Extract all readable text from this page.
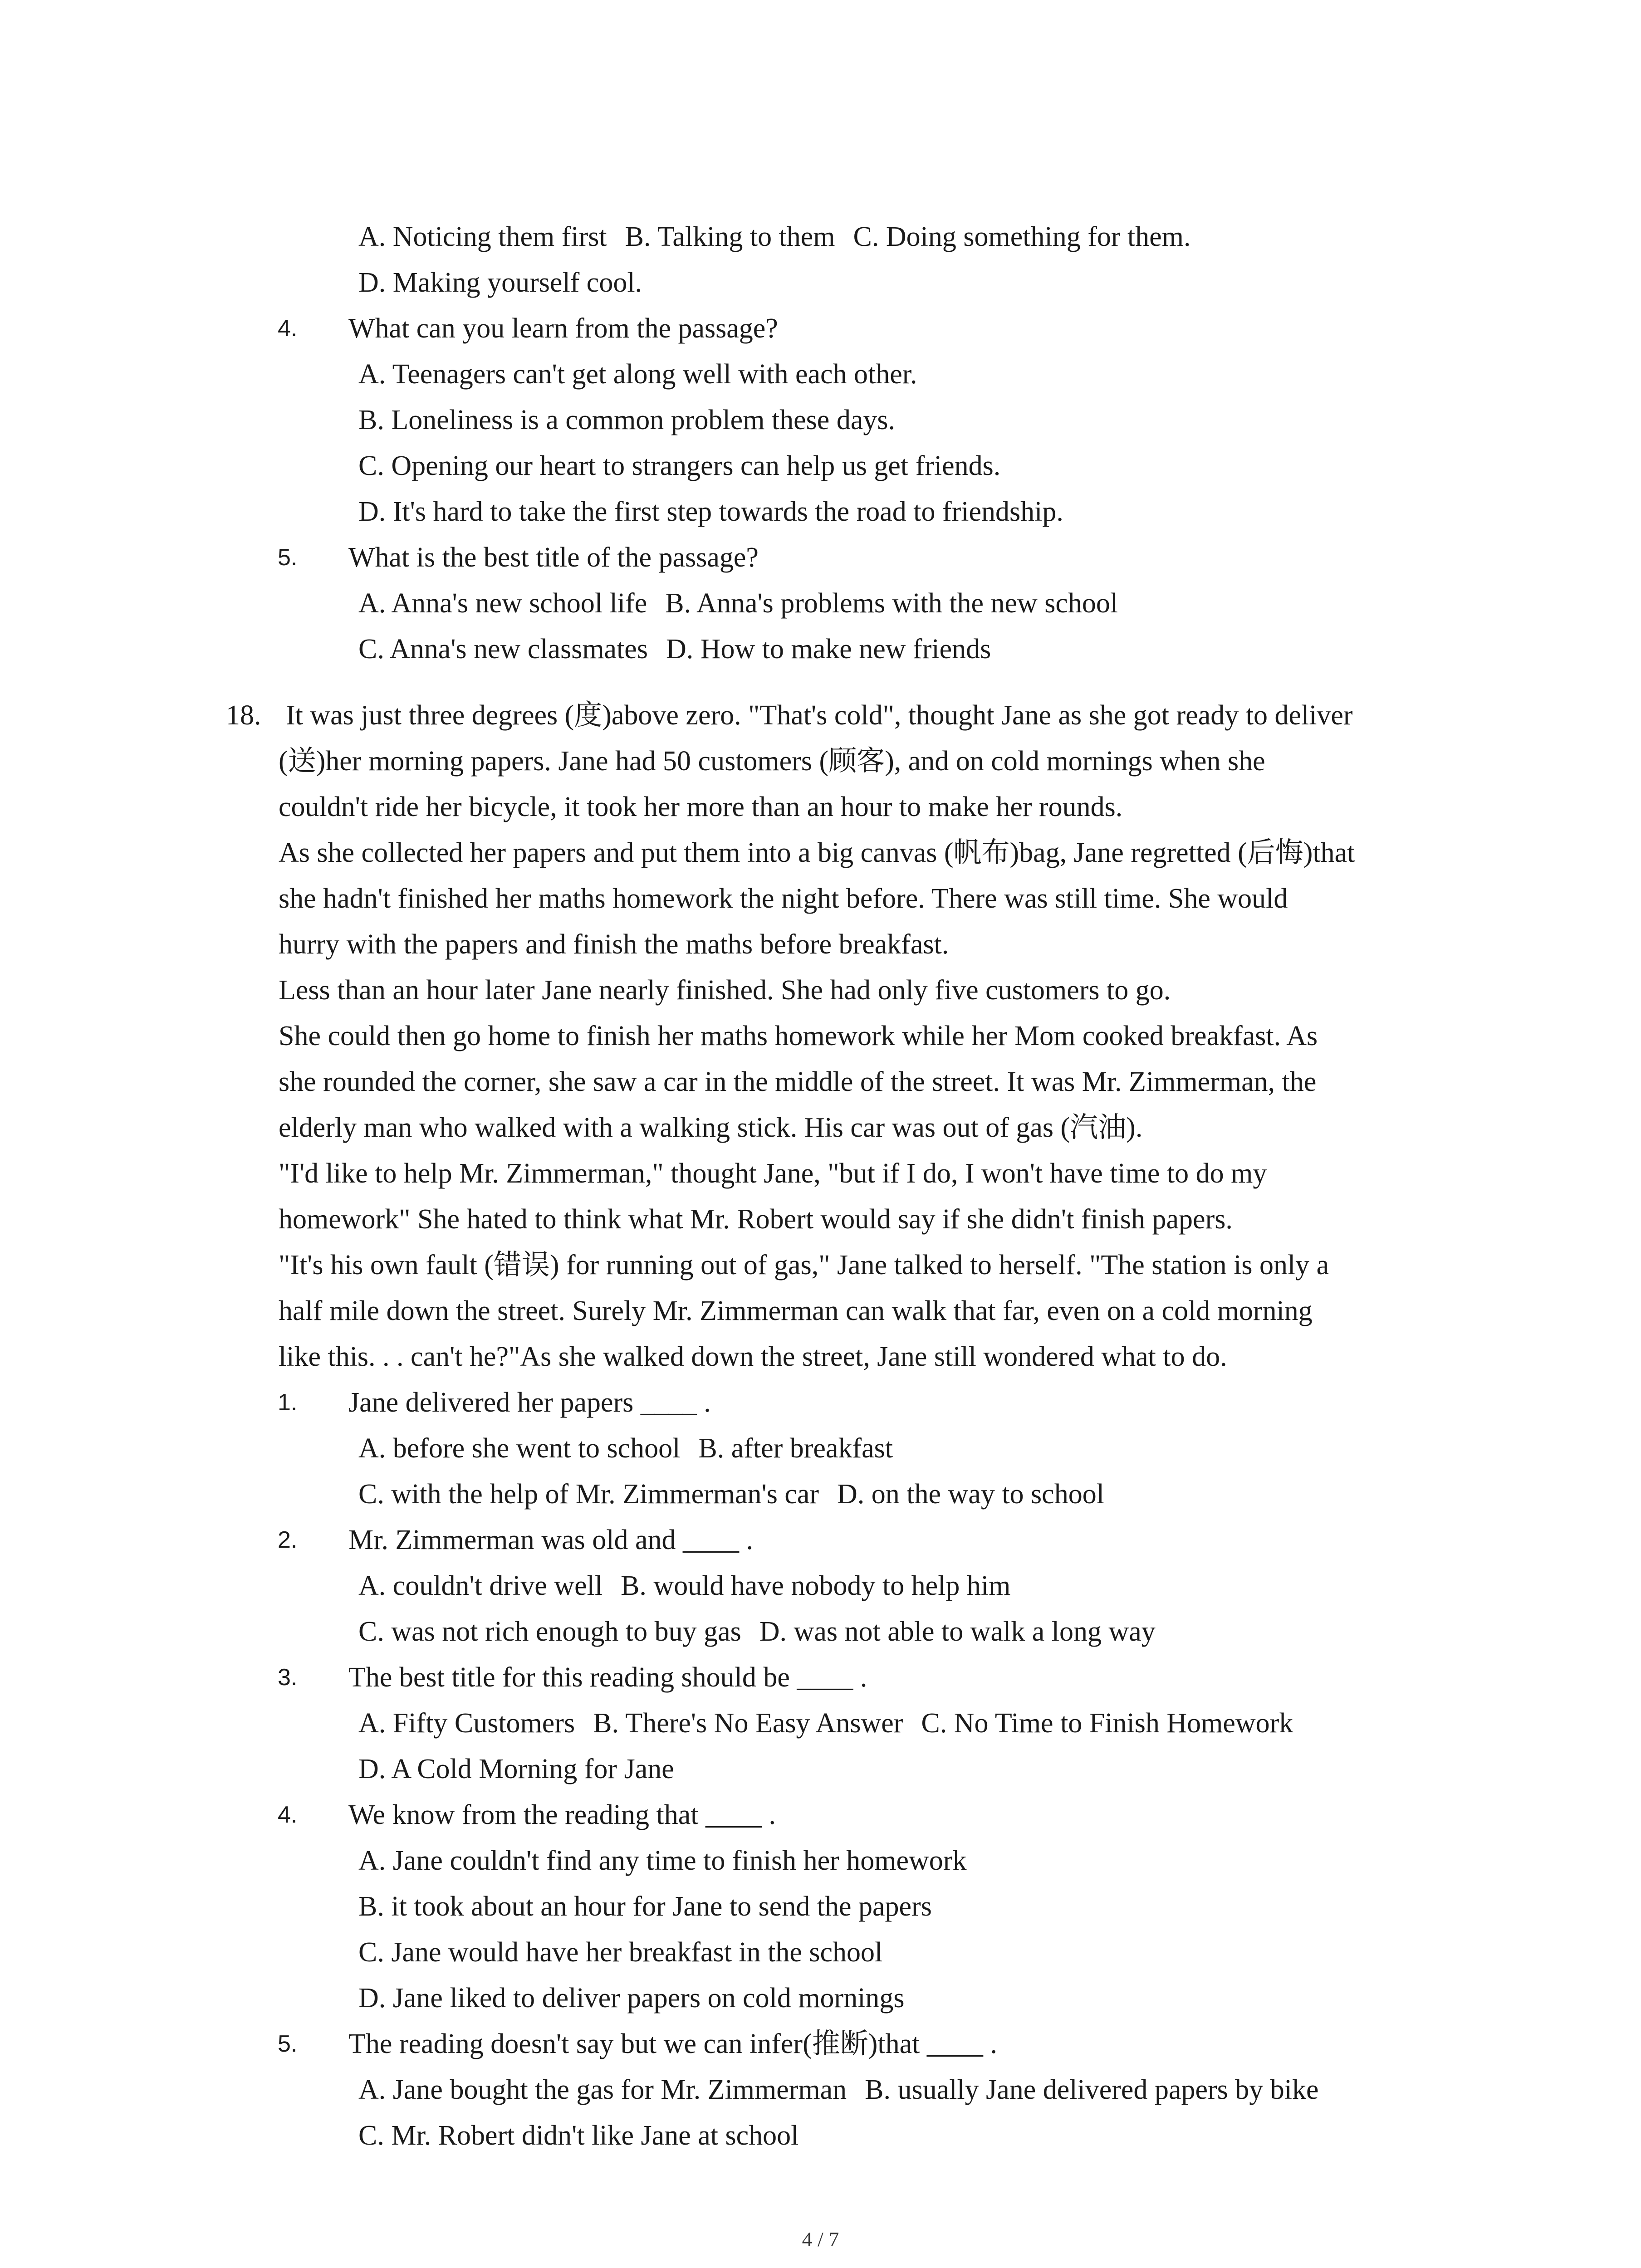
A. Noticing them first B. Talking to them C. Doing something for them.
D. Making yourself cool.
4. What can you learn from the passage?
A. Teenagers can't get along well with each other.
B. Loneliness is a common problem these days.
C. Opening our heart to strangers can help us get friends.
D. It's hard to take the first step towards the road to friendship.
5. What is the best title of the passage?
A. Anna's new school life B. Anna's problems with the new school
C. Anna's new classmates D. How to make new friends
18. It was just three degrees (度)above zero. "That's cold", thought Jane as she got ready to deliver
(送)her morning papers. Jane had 50 customers (顾客), and on cold mornings when she
couldn't ride her bicycle, it took her more than an hour to make her rounds.
As she collected her papers and put them into a big canvas (帆布)bag, Jane regretted (后悔)that
she hadn't finished her maths homework the night before. There was still time. She would
hurry with the papers and finish the maths before breakfast.
Less than an hour later Jane nearly finished. She had only five customers to go.
She could then go home to finish her maths homework while her Mom cooked breakfast. As
she rounded the corner, she saw a car in the middle of the street. It was Mr. Zimmerman, the
elderly man who walked with a walking stick. His car was out of gas (汽油).
"I'd like to help Mr. Zimmerman," thought Jane, "but if I do, I won't have time to do my
homework" She hated to think what Mr. Robert would say if she didn't finish papers.
"It's his own fault (错误) for running out of gas," Jane talked to herself. "The station is only a
half mile down the street. Surely Mr. Zimmerman can walk that far, even on a cold morning
like this. . . can't he?"As she walked down the street, Jane still wondered what to do.
1. Jane delivered her papers ____ .
A. before she went to school B. after breakfast
C. with the help of Mr. Zimmerman's car D. on the way to school
2. Mr. Zimmerman was old and ____ .
A. couldn't drive well B. would have nobody to help him
C. was not rich enough to buy gas D. was not able to walk a long way
3. The best title for this reading should be ____ .
A. Fifty Customers B. There's No Easy Answer C. No Time to Finish Homework
D. A Cold Morning for Jane
4. We know from the reading that ____ .
A. Jane couldn't find any time to finish her homework
B. it took about an hour for Jane to send the papers
C. Jane would have her breakfast in the school
D. Jane liked to deliver papers on cold mornings
5. The reading doesn't say but we can infer(推断)that ____ .
A. Jane bought the gas for Mr. Zimmerman B. usually Jane delivered papers by bike
C. Mr. Robert didn't like Jane at school
4 / 7
